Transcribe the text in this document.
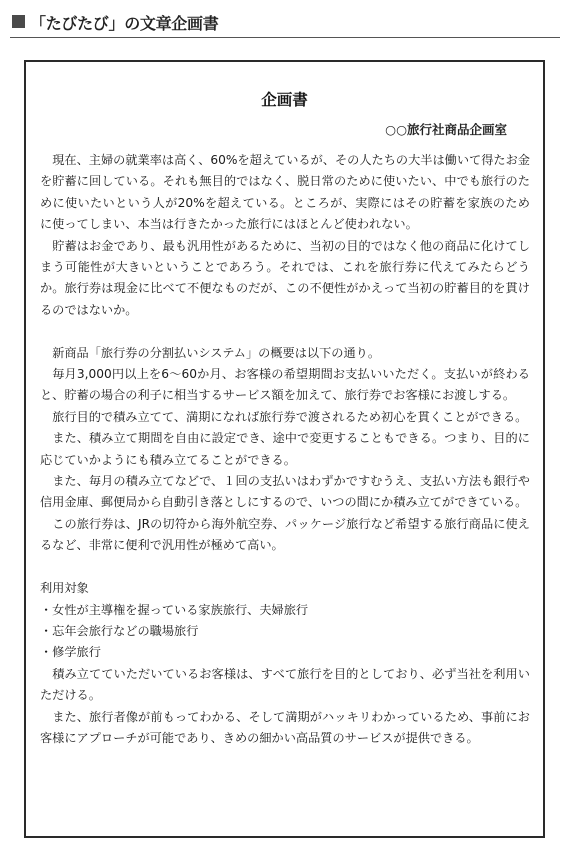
「たびたび」の文章企画書
企画書
○○旅行社商品企画室

現在、主婦の就業率は高く、60%を超えているが、その人たちの大半は働いて得たお金を貯蓄に回している。それも無目的ではなく、脱日常のために使いたい、中でも旅行のために使いたいという人が20%を超えている。ところが、実際にはその貯蓄を家族のために使ってしまい、本当は行きたかった旅行にはほとんど使われない。

貯蓄はお金であり、最も汎用性があるために、当初の目的ではなく他の商品に化けてしまう可能性が大きいということであろう。それでは、これを旅行券に代えてみたらどうか。旅行券は現金に比べて不便なものだが、この不便性がかえって当初の貯蓄目的を貫けるのではないか。

新商品「旅行券の分割払いシステム」の概要は以下の通り。

毎月3,000円以上を6〜60か月、お客様の希望期間お支払いいただく。支払いが終わると、貯蓄の場合の利子に相当するサービス額を加えて、旅行券でお客様にお渡しする。

旅行目的で積み立てて、満期になれば旅行券で渡されるため初心を貫くことができる。

また、積み立て期間を自由に設定でき、途中で変更することもできる。つまり、目的に応じていかようにも積み立てることができる。

また、毎月の積み立てなどで、１回の支払いはわずかですむうえ、支払い方法も銀行や信用金庫、郵便局から自動引き落としにするので、いつの間にか積み立てができている。

この旅行券は、JRの切符から海外航空券、パッケージ旅行など希望する旅行商品に使えるなど、非常に便利で汎用性が極めて高い。

利用対象

・女性が主導権を握っている家族旅行、夫婦旅行

・忘年会旅行などの職場旅行

・修学旅行

積み立てていただいているお客様は、すべて旅行を目的としており、必ず当社を利用いただける。

また、旅行者像が前もってわかる、そして満期がハッキリわかっているため、事前にお客様にアプローチが可能であり、きめの細かい高品質のサービスが提供できる。
